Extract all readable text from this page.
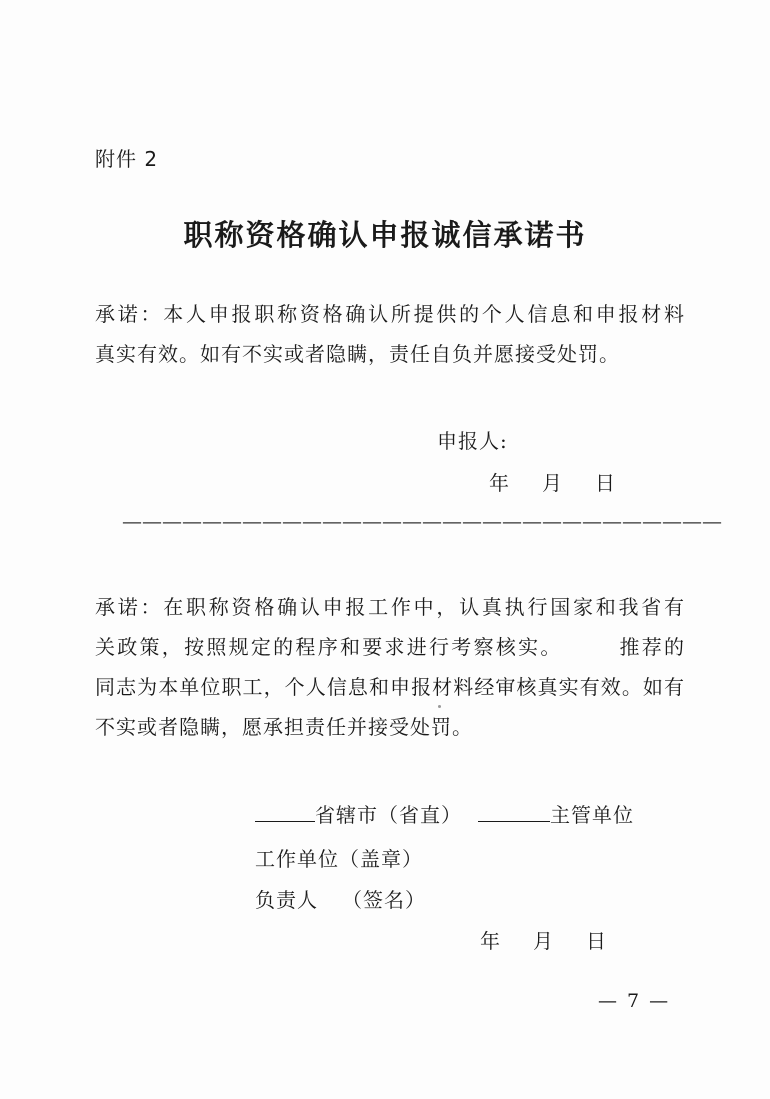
附件 2
职称资格确认申报诚信承诺书
承诺：本人申报职称资格确认所提供的个人信息和申报材料
真实有效。如有不实或者隐瞒，责任自负并愿接受处罚。
申报人:
年 月 日
——————————————————————————————
承诺：在职称资格确认申报工作中，认真执行国家和我省有
关政策，按照规定的程序和要求进行考察核实。　　　推荐的
同志为本单位职工，个人信息和申报材料经审核真实有效。如有
不实或者隐瞒，愿承担责任并接受处罚。
省辖市（省直）	主管单位
工作单位（盖章）
负责人 （签名）
年 月 日
— 7 —
